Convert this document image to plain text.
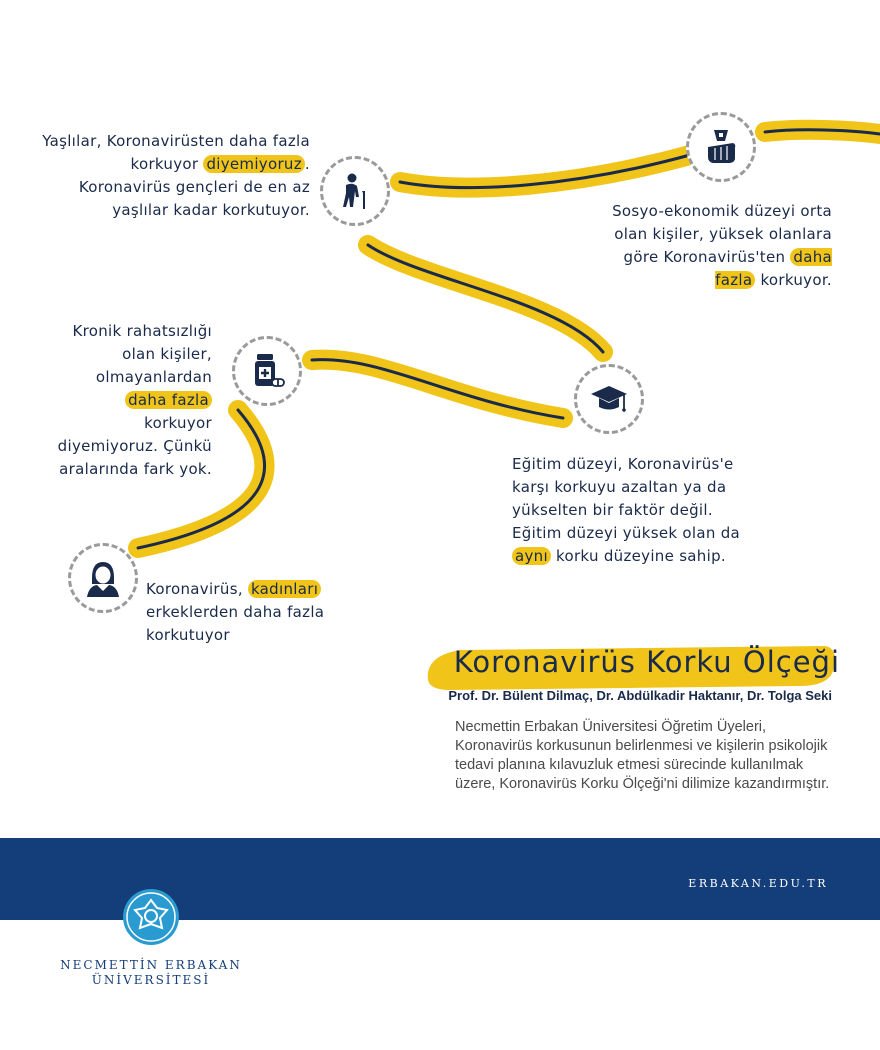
Yaşlılar, Koronavirüsten daha fazla korkuyor diyemiyoruz . Koronavirüs gençleri de en az yaşlılar kadar korkutuyor.	Sosyo-ekonomik düzeyi orta olan kişiler, yüksek olanlara göre Koronavirüs'ten daha fazla korkuyor.
Kronik rahatsızlığı olan kişiler, olmayanlardan daha fazla korkuyor diyemiyoruz. Çünkü aralarında fark yok.	Eğitim düzeyi, Koronavirüs'e karşı korkuyu azaltan ya da yükselten bir faktör değil. Eğitim düzeyi yüksek olan da aynı korku düzeyine sahip.
Koronavirüs, kadınları erkeklerden daha fazla korkutuyor
Koronavirüs Korku Ölçeği
Prof. Dr. Bülent Dilmaç, Dr. Abdülkadir Haktanır, Dr. Tolga Seki
Necmettin Erbakan Üniversitesi Öğretim Üyeleri, Koronavirüs korkusunun belirlenmesi ve kişilerin psikolojik tedavi planına kılavuzluk etmesi sürecinde kullanılmak üzere, Koronavirüs Korku Ölçeği'ni dilimize kazandırmıştır.
ERBAKAN.EDU.TR
NECMETTİN ERBAKAN
ÜNİVERSİTESİ
